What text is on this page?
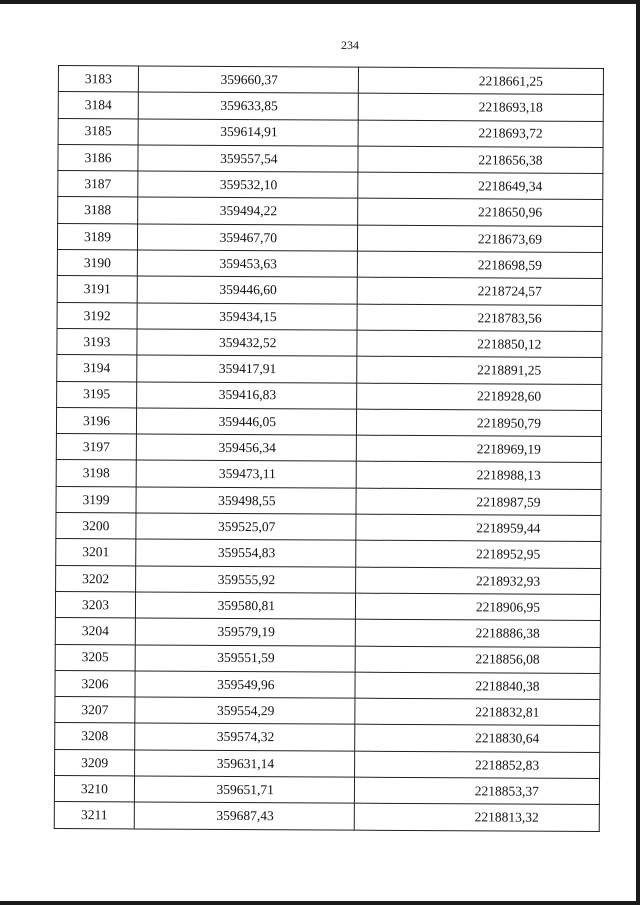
234
3183	359660,37	2218661,25
3184	359633,85	2218693,18
3185	359614,91	2218693,72
3186	359557,54	2218656,38
3187	359532,10	2218649,34
3188	359494,22	2218650,96
3189	359467,70	2218673,69
3190	359453,63	2218698,59
3191	359446,60	2218724,57
3192	359434,15	2218783,56
3193	359432,52	2218850,12
3194	359417,91	2218891,25
3195	359416,83	2218928,60
3196	359446,05	2218950,79
3197	359456,34	2218969,19
3198	359473,11	2218988,13
3199	359498,55	2218987,59
3200	359525,07	2218959,44
3201	359554,83	2218952,95
3202	359555,92	2218932,93
3203	359580,81	2218906,95
3204	359579,19	2218886,38
3205	359551,59	2218856,08
3206	359549,96	2218840,38
3207	359554,29	2218832,81
3208	359574,32	2218830,64
3209	359631,14	2218852,83
3210	359651,71	2218853,37
3211	359687,43	2218813,32
